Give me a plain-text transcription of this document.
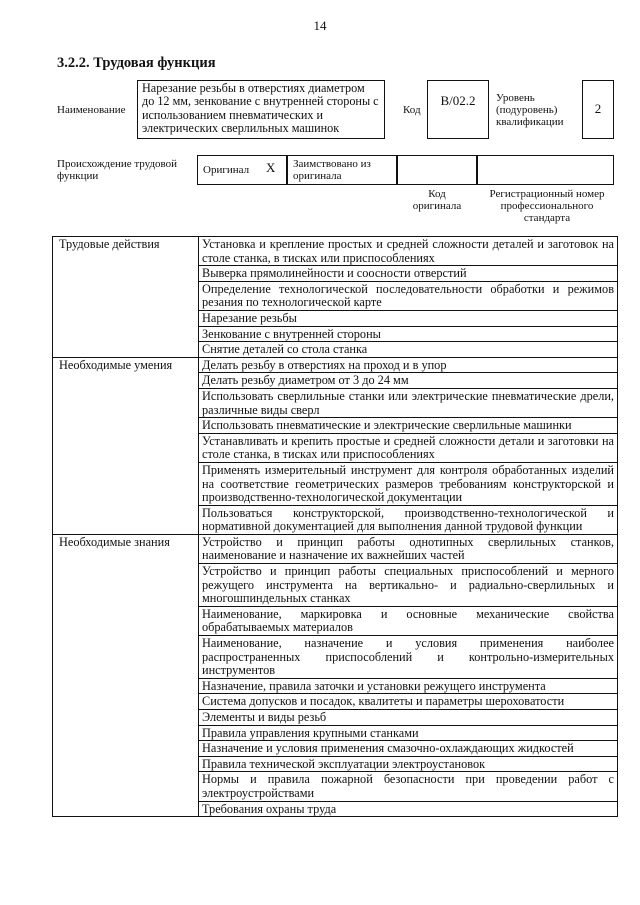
14
3.2.2. Трудовая функция
Наименование
Нарезание резьбы в отверстиях диаметром до 12 мм, зенкование с внутренней стороны с использованием пневматических и электрических сверлильных машинок
Код
B/02.2	Уровень (подуровень) квалификации
2
Происхождение трудовой функции	Оригинал X Заимствовано из оригинала
Код оригинала
Регистрационный номер профессионального стандарта
Трудовые действия	Установка и крепление простых и средней сложности деталей и заготовок на столе станка, в тисках или приспособлениях
	Выверка прямолинейности и соосности отверстий
	Определение технологической последовательности обработки и режимов резания по технологической карте
	Нарезание резьбы
	Зенкование с внутренней стороны
	Снятие деталей со стола станка
Необходимые умения	Делать резьбу в отверстиях на проход и в упор
	Делать резьбу диаметром от 3 до 24 мм
	Использовать сверлильные станки или электрические пневматические дрели, различные виды сверл
	Использовать пневматические и электрические сверлильные машинки
	Устанавливать и крепить простые и средней сложности детали и заготовки на столе станка, в тисках или приспособлениях
	Применять измерительный инструмент для контроля обработанных изделий на соответствие геометрических размеров требованиям конструкторской и производственно-технологической документации
	Пользоваться конструкторской, производственно-технологической и нормативной документацией для выполнения данной трудовой функции
Необходимые знания	Устройство и принцип работы однотипных сверлильных станков, наименование и назначение их важнейших частей
	Устройство и принцип работы специальных приспособлений и мерного режущего инструмента на вертикально- и радиально-сверлильных и многошпиндельных станках
	Наименование, маркировка и основные механические свойства обрабатываемых материалов
	Наименование, назначение и условия применения наиболее распространенных приспособлений и контрольно-измерительных инструментов
	Назначение, правила заточки и установки режущего инструмента
	Система допусков и посадок, квалитеты и параметры шероховатости
	Элементы и виды резьб
	Правила управления крупными станками
	Назначение и условия применения смазочно-охлаждающих жидкостей
	Правила технической эксплуатации электроустановок
	Нормы и правила пожарной безопасности при проведении работ с электроустройствами
	Требования охраны труда
